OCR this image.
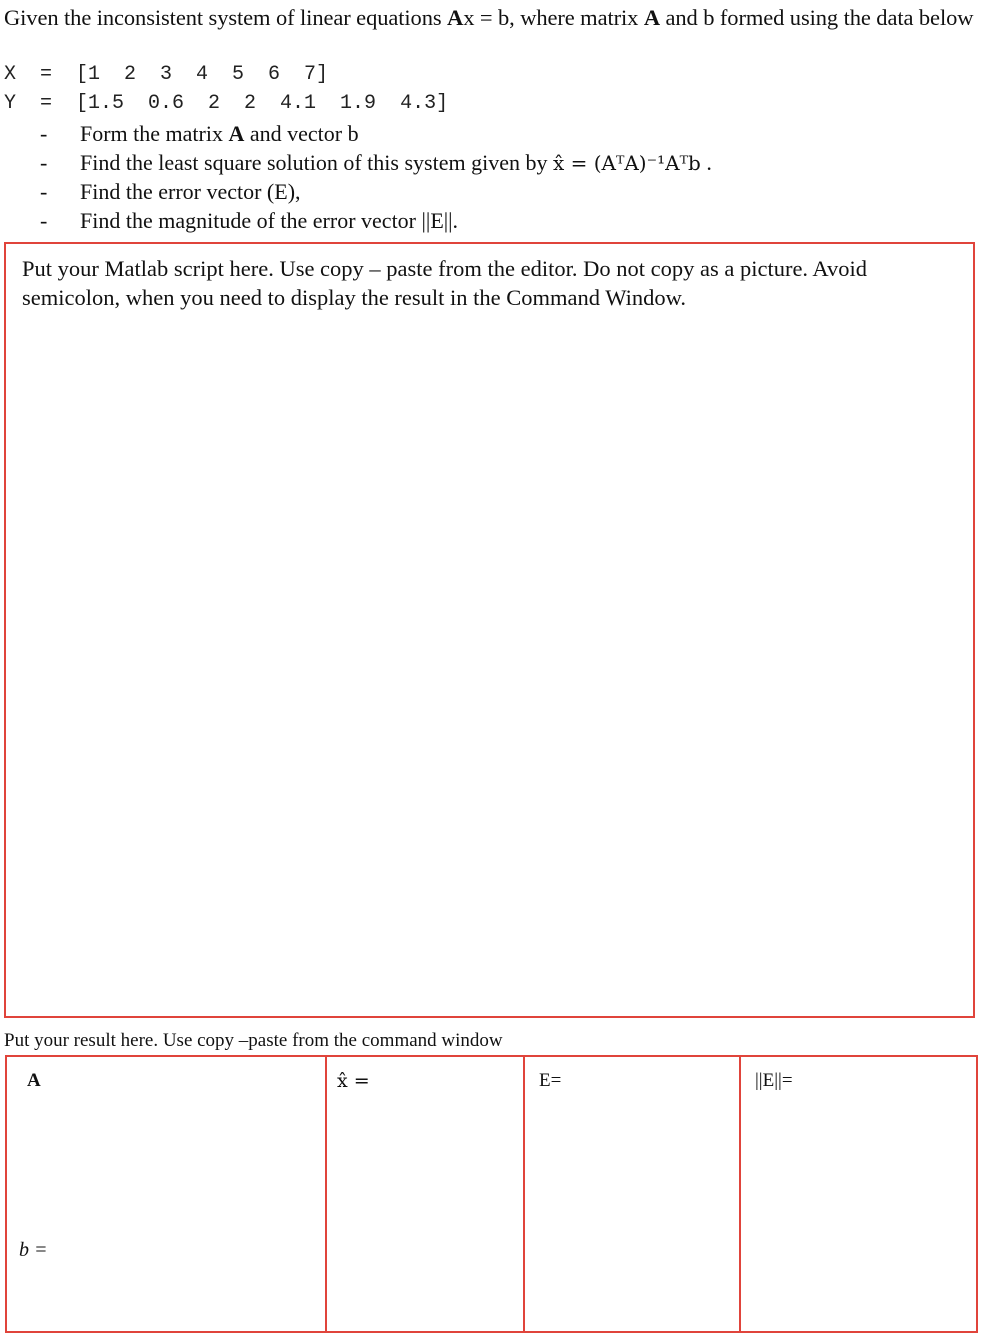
Given the inconsistent system of linear equations Ax = b, where matrix A and b formed using the data below
X  =  [1  2  3  4  5  6  7]
Y  =  [1.5  0.6  2  2  4.1  1.9  4.3]
- Form the matrix A and vector b
- Find the least square solution of this system given by x̂ = (AᵀA)⁻¹Aᵀb .
- Find the error vector (E),
- Find the magnitude of the error vector ||E||.
Put your Matlab script here. Use copy – paste from the editor. Do not copy as a picture. Avoid semicolon, when you need to display the result in the Command Window.
Put your result here. Use copy –paste from the command window
A
b =
x̂ =	E=	||E||=
